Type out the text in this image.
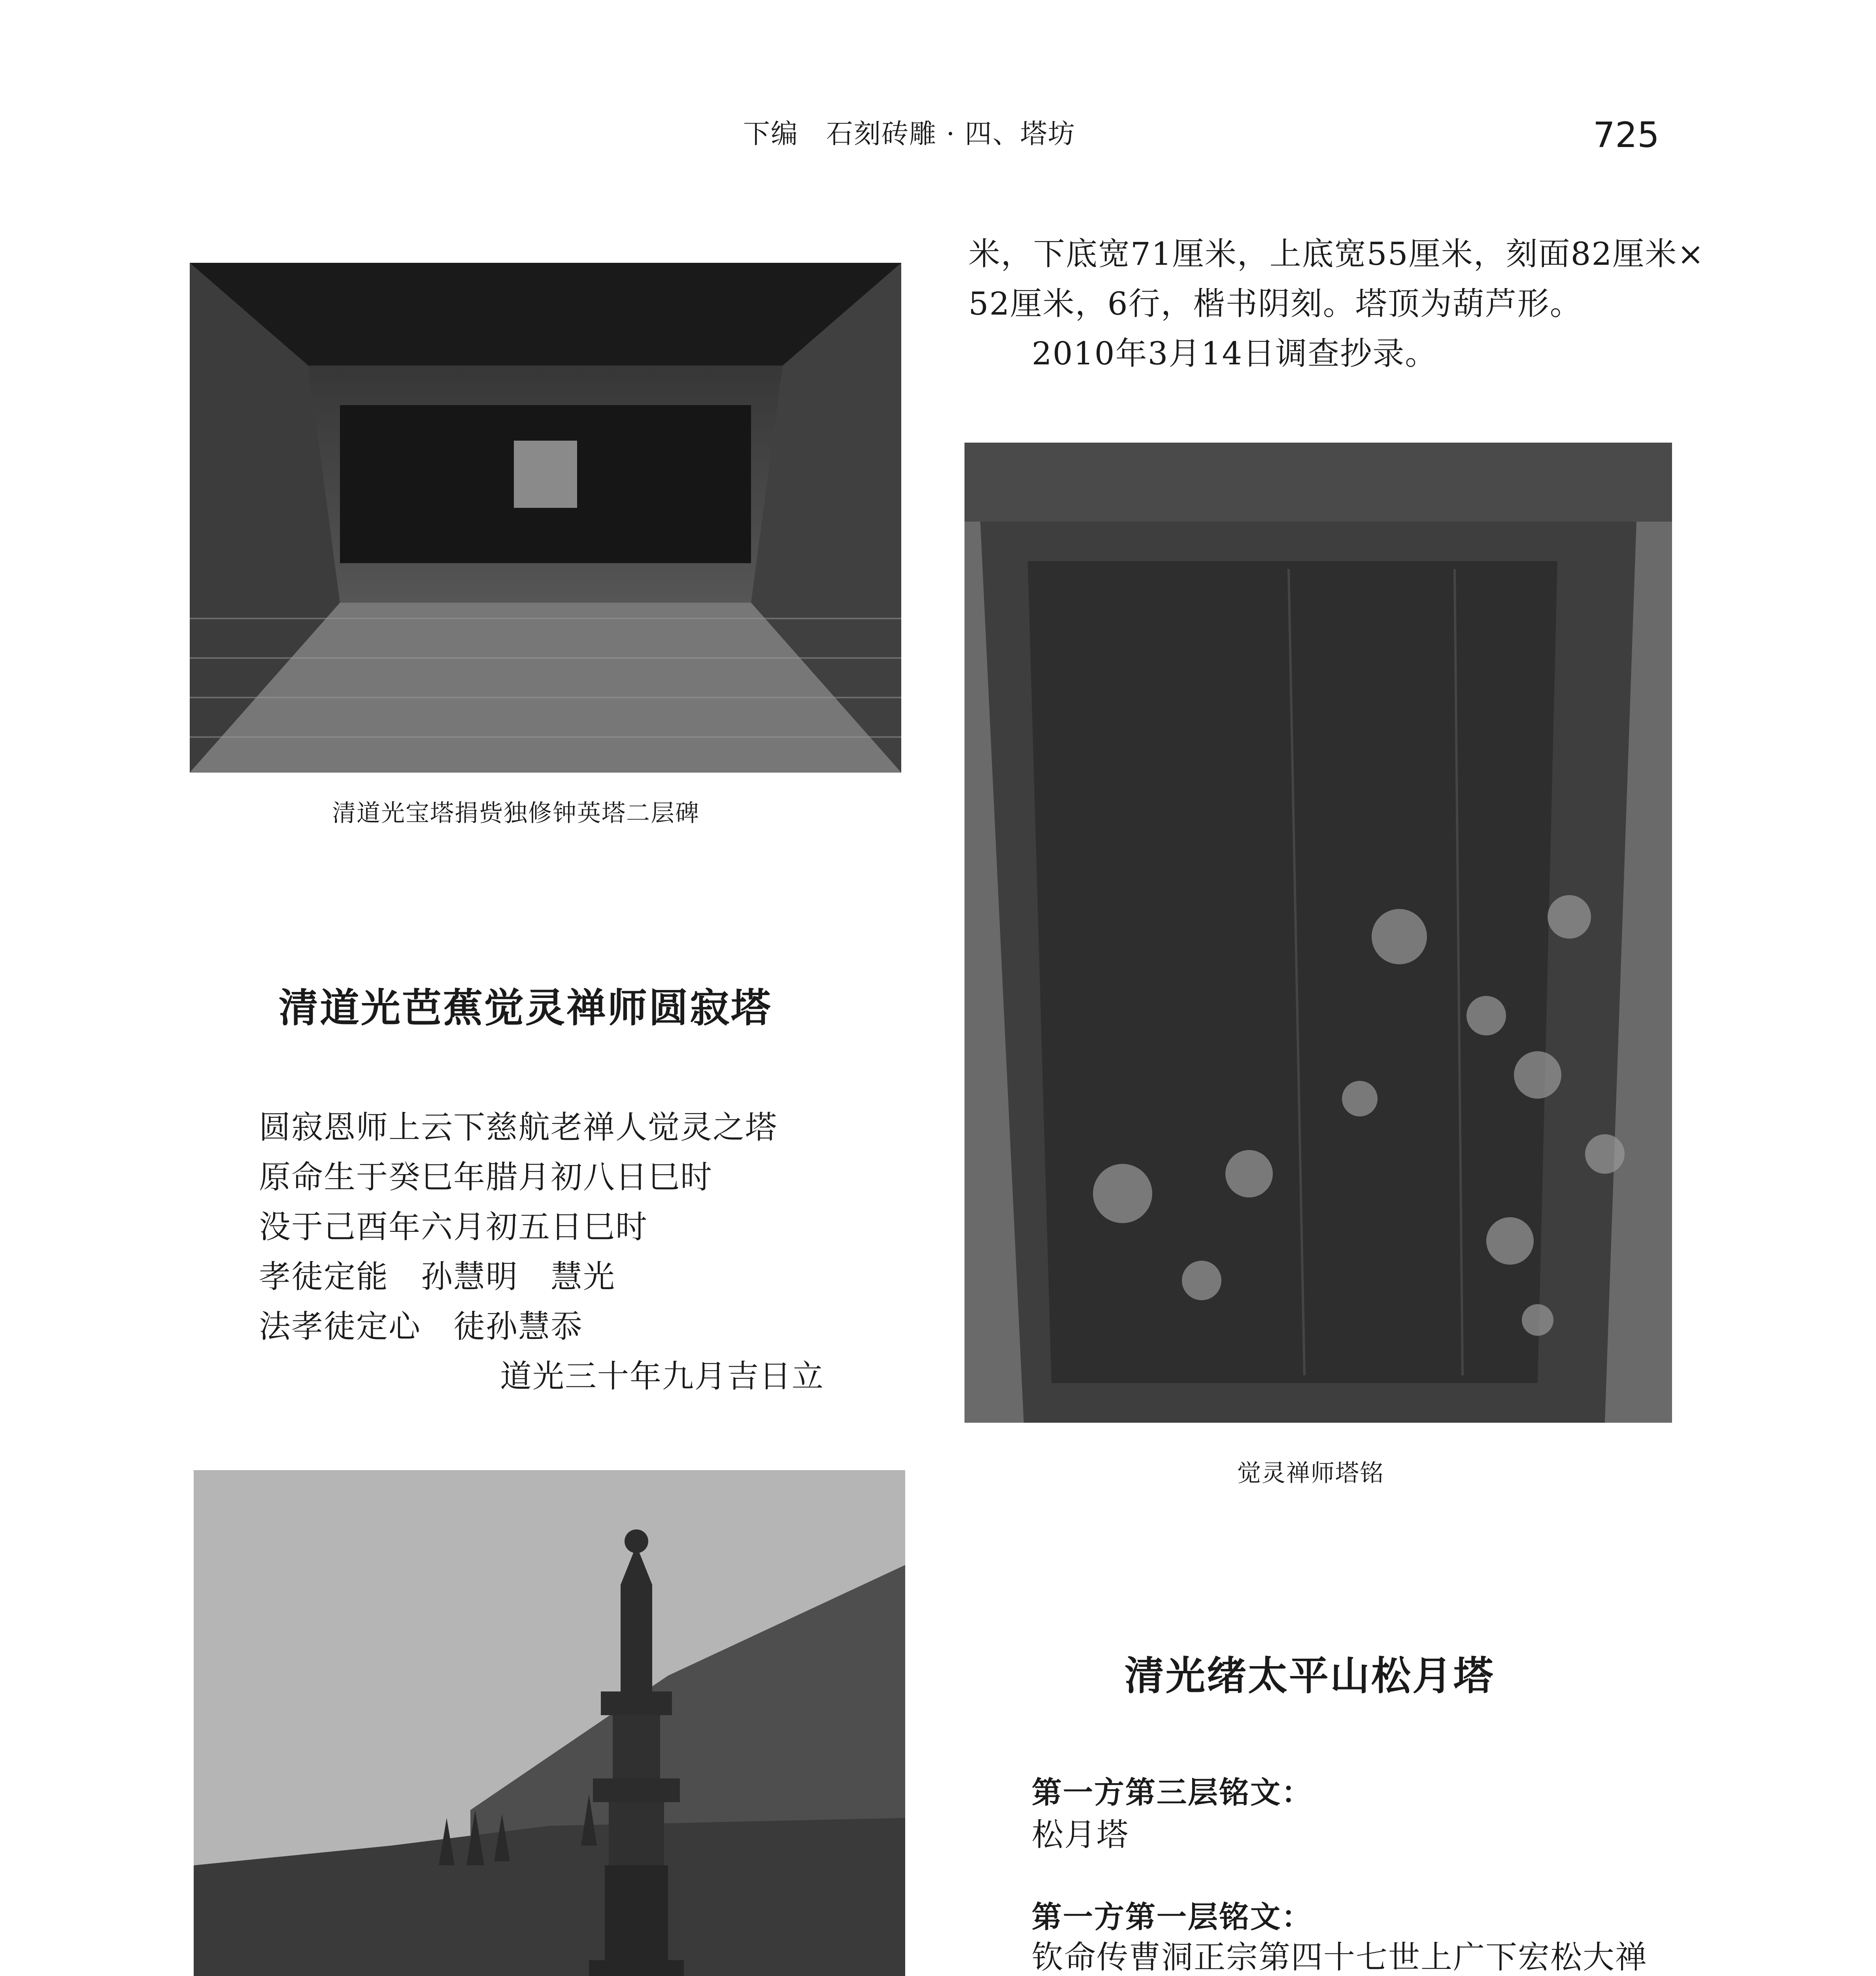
下编　石刻砖雕 · 四、塔坊	725
清道光宝塔捐赀独修钟英塔二层碑
清道光芭蕉觉灵禅师圆寂塔
圆寂恩师上云下慈航老禅人觉灵之塔
原命生于癸巳年腊月初八日巳时
没于己酉年六月初五日巳时
孝徒定能　孙慧明　慧光
法孝徒定心　徒孙慧忝
道光三十年九月吉日立
米，下底宽71厘米，上底宽55厘米，刻面82厘米×
52厘米，6行，楷书阴刻。塔顶为葫芦形。
2010年3月14日调查抄录。
觉灵禅师塔铭
清光绪太平山松月塔
第一方第三层铭文：
松月塔
第一方第一层铭文：
钦命传曹洞正宗第四十七世上广下宏松大禅
